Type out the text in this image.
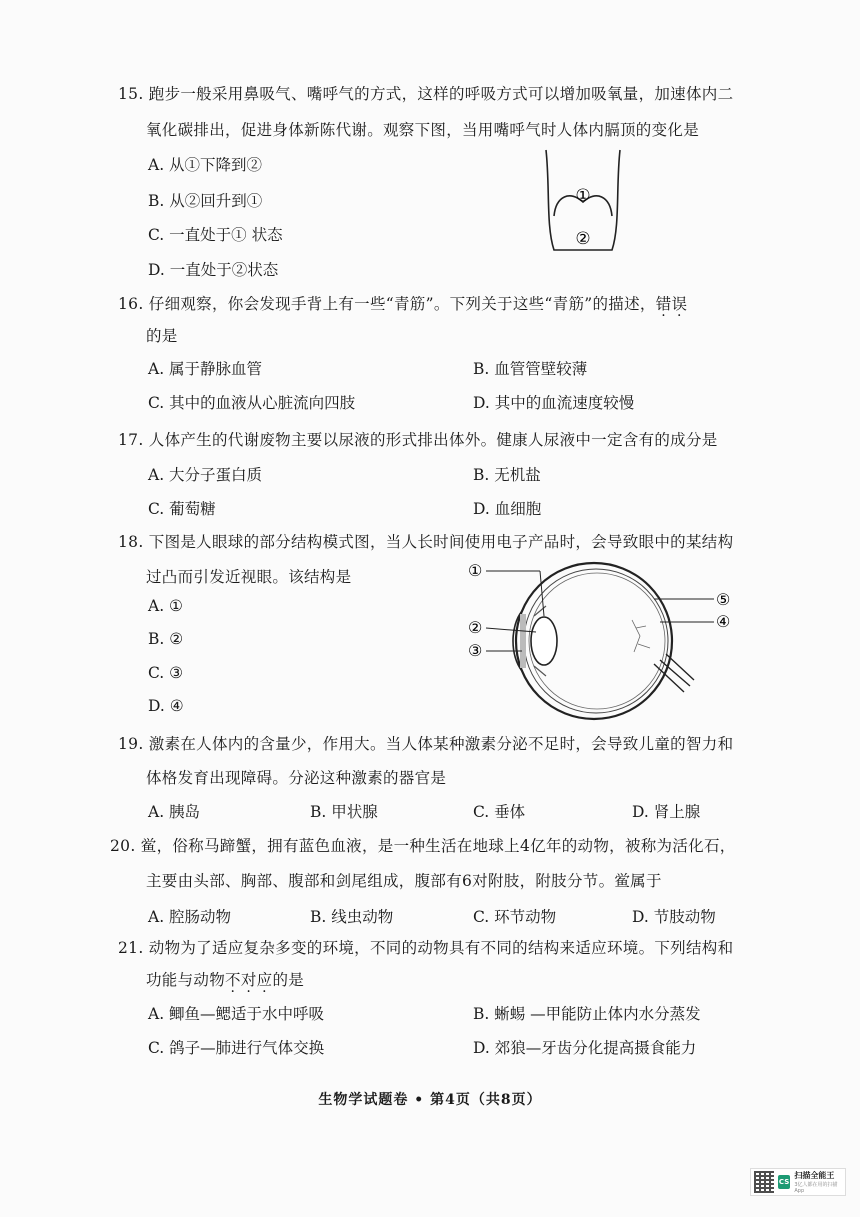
15. 跑步一般采用鼻吸气、嘴呼气的方式，这样的呼吸方式可以增加吸氧量，加速体内二
氧化碳排出，促进身体新陈代谢。观察下图，当用嘴呼气时人体内膈顶的变化是
A. 从①下降到②
B. 从②回升到①
C. 一直处于① 状态
D. 一直处于②状态
①
②
16. 仔细观察，你会发现手背上有一些“青筋”。下列关于这些“青筋”的描述，错误
的是
A. 属于静脉血管	B. 血管管壁较薄
C. 其中的血液从心脏流向四肢	D. 其中的血流速度较慢
17. 人体产生的代谢废物主要以尿液的形式排出体外。健康人尿液中一定含有的成分是
A. 大分子蛋白质	B. 无机盐
C. 葡萄糖	D. 血细胞
18. 下图是人眼球的部分结构模式图，当人长时间使用电子产品时，会导致眼中的某结构
过凸而引发近视眼。该结构是
A. ①
B. ②
C. ③
D. ④
①
②
③
⑤
④
19. 激素在人体内的含量少，作用大。当人体某种激素分泌不足时，会导致儿童的智力和
体格发育出现障碍。分泌这种激素的器官是
A. 胰岛	B. 甲状腺	C. 垂体	D. 肾上腺
20. 鲎，俗称马蹄蟹，拥有蓝色血液，是一种生活在地球上4亿年的动物，被称为活化石，
主要由头部、胸部、腹部和剑尾组成，腹部有6对附肢，附肢分节。鲎属于
A. 腔肠动物	B. 线虫动物	C. 环节动物	D. 节肢动物
21. 动物为了适应复杂多变的环境，不同的动物具有不同的结构来适应环境。下列结构和
功能与动物不对应的是
A. 鲫鱼—鳃适于水中呼吸	B. 蜥蜴 —甲能防止体内水分蒸发
C. 鸽子—肺进行气体交换	D. 郊狼—牙齿分化提高摄食能力
生物学试题卷 • 第4页（共8页）
CS
扫描全能王
3亿人都在用的扫描App
